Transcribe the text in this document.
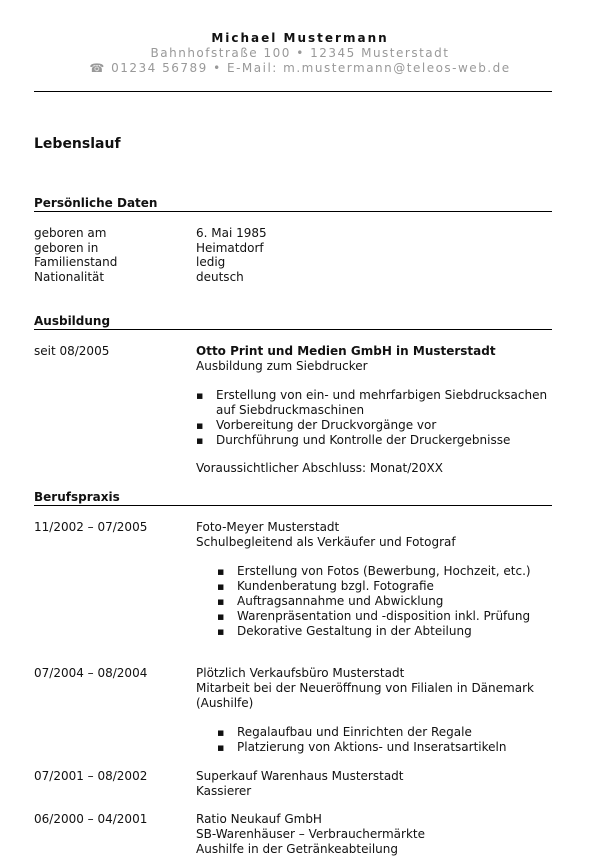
Michael Mustermann
Bahnhofstraße 100 • 12345 Musterstadt
☎ 01234 56789 • E-Mail: m.mustermann@teleos-web.de
Lebenslauf
Persönliche Daten
geboren am	6. Mai 1985
geboren in	Heimatdorf
Familienstand	ledig
Nationalität	deutsch
Ausbildung
seit 08/2005	Otto Print und Medien GmbH in Musterstadt
Ausbildung zum Siebdrucker
▪ Erstellung von ein- und mehrfarbigen Siebdrucksachen auf Siebdruckmaschinen
▪ Vorbereitung der Druckvorgänge vor
▪ Durchführung und Kontrolle der Druckergebnisse
Voraussichtlicher Abschluss: Monat/20XX
Berufspraxis
11/2002 – 07/2005	Foto-Meyer Musterstadt
Schulbegleitend als Verkäufer und Fotograf
▪ Erstellung von Fotos (Bewerbung, Hochzeit, etc.)
▪ Kundenberatung bzgl. Fotografie
▪ Auftragsannahme und Abwicklung
▪ Warenpräsentation und -disposition inkl. Prüfung
▪ Dekorative Gestaltung in der Abteilung
07/2004 – 08/2004	Plötzlich Verkaufsbüro Musterstadt
Mitarbeit bei der Neueröffnung von Filialen in Dänemark (Aushilfe)
▪ Regalaufbau und Einrichten der Regale
▪ Platzierung von Aktions- und Inseratsartikeln
07/2001 – 08/2002	Superkauf Warenhaus Musterstadt
Kassierer
06/2000 – 04/2001	Ratio Neukauf GmbH
SB-Warenhäuser – Verbrauchermärkte
Aushilfe in der Getränkeabteilung
